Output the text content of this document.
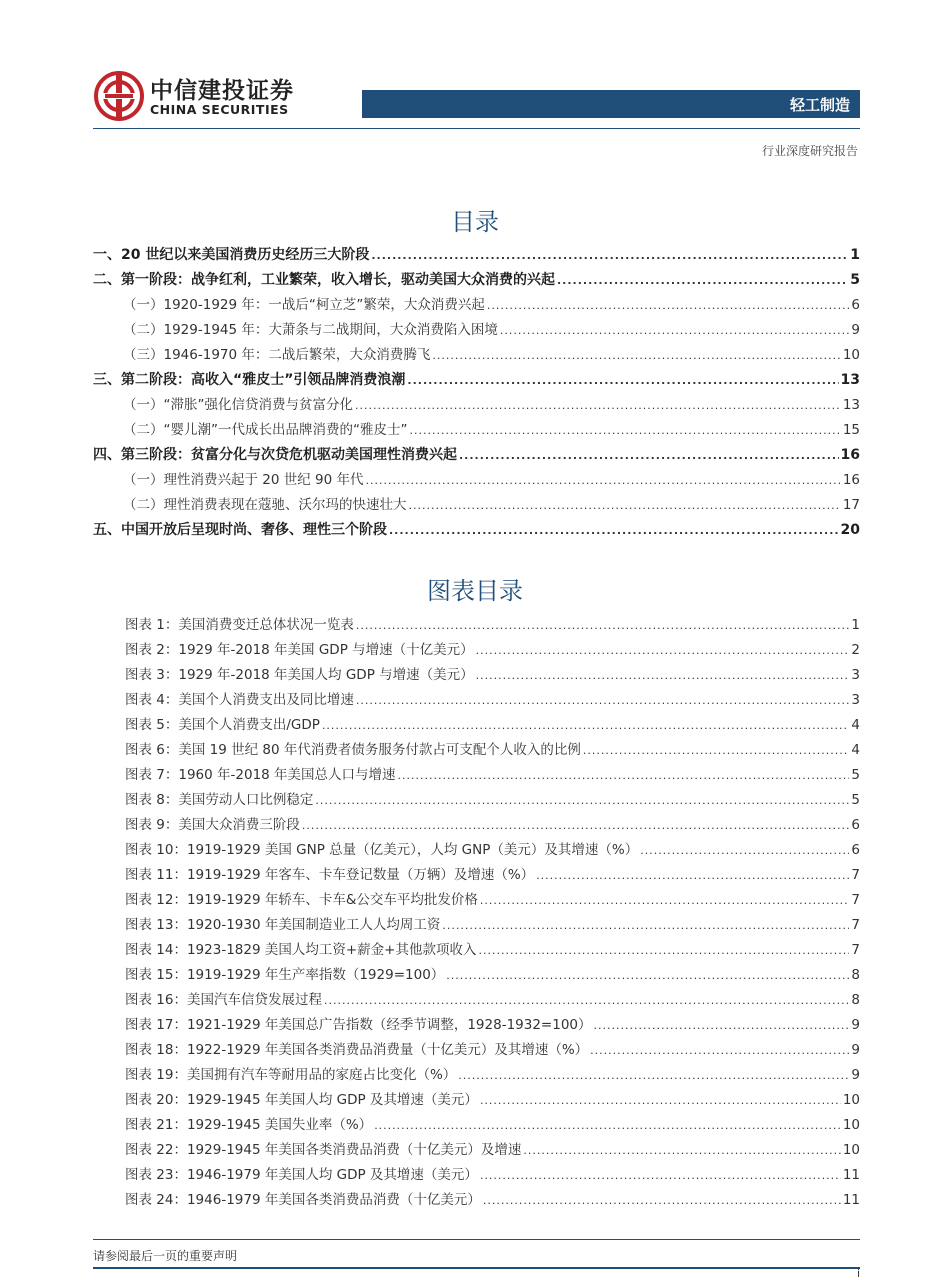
中信建投证券
CHINA SECURITIES	轻工制造
行业深度研究报告
目录
一、20 世纪以来美国消费历史经历三大阶段 .....	1
二、第一阶段：战争红利，工业繁荣，收入增长，驱动美国大众消费的兴起 .....	5
（一）1920-1929 年：一战后“柯立芝”繁荣，大众消费兴起 .....	6
（二）1929-1945 年：大萧条与二战期间，大众消费陷入困境 .....	9
（三）1946-1970 年：二战后繁荣，大众消费腾飞 .....	10
三、第二阶段：高收入“雅皮士”引领品牌消费浪潮 .....	13
（一）“滞胀”强化信贷消费与贫富分化 .....	13
（二）“婴儿潮”一代成长出品牌消费的“雅皮士” .....	15
四、第三阶段：贫富分化与次贷危机驱动美国理性消费兴起 .....	16
（一）理性消费兴起于 20 世纪 90 年代 .....	16
（二）理性消费表现在蔻驰、沃尔玛的快速壮大 .....	17
五、中国开放后呈现时尚、奢侈、理性三个阶段 .....	20
图表目录
图表 1：美国消费变迁总体状况一览表 .....	1
图表 2：1929 年-2018 年美国 GDP 与增速（十亿美元） .....	2
图表 3：1929 年-2018 年美国人均 GDP 与增速（美元） .....	3
图表 4：美国个人消费支出及同比增速 .....	3
图表 5：美国个人消费支出/GDP .....	4
图表 6：美国 19 世纪 80 年代消费者债务服务付款占可支配个人收入的比例 .....	4
图表 7：1960 年-2018 年美国总人口与增速 .....	5
图表 8：美国劳动人口比例稳定 .....	5
图表 9：美国大众消费三阶段 .....	6
图表 10：1919-1929 美国 GNP 总量（亿美元），人均 GNP（美元）及其增速（%） .....	6
图表 11：1919-1929 年客车、卡车登记数量（万辆）及增速（%） .....	7
图表 12：1919-1929 年轿车、卡车&公交车平均批发价格 .....	7
图表 13：1920-1930 年美国制造业工人人均周工资 .....	7
图表 14：1923-1829 美国人均工资+薪金+其他款项收入 .....	7
图表 15：1919-1929 年生产率指数（1929=100） .....	8
图表 16：美国汽车信贷发展过程 .....	8
图表 17：1921-1929 年美国总广告指数（经季节调整，1928-1932=100） .....	9
图表 18：1922-1929 年美国各类消费品消费量（十亿美元）及其增速（%） .....	9
图表 19：美国拥有汽车等耐用品的家庭占比变化（%） .....	9
图表 20：1929-1945 年美国人均 GDP 及其增速（美元） .....	10
图表 21：1929-1945 美国失业率（%） .....	10
图表 22：1929-1945 年美国各类消费品消费（十亿美元）及增速 .....	10
图表 23：1946-1979 年美国人均 GDP 及其增速（美元） .....	11
图表 24：1946-1979 年美国各类消费品消费（十亿美元） .....	11
请参阅最后一页的重要声明
i
